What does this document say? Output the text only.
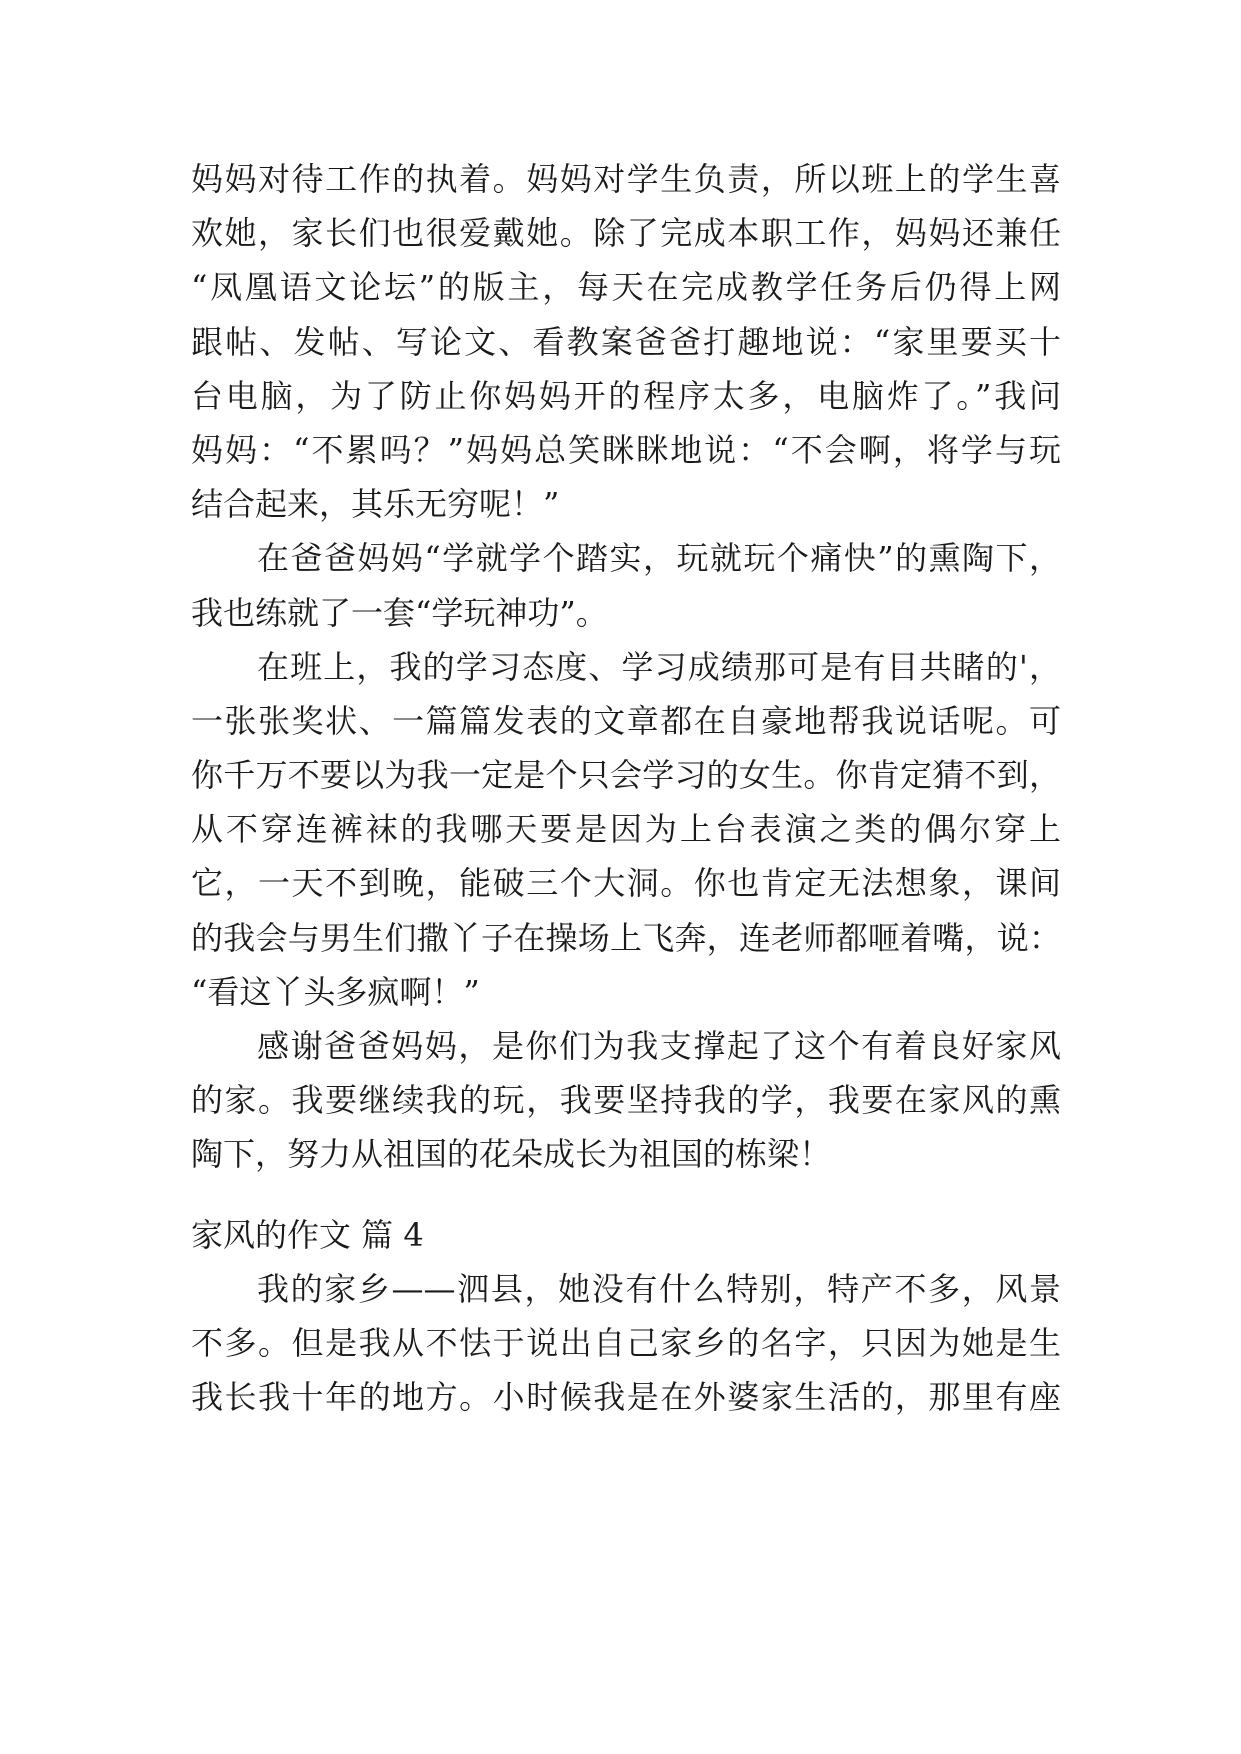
妈妈对待工作的执着。妈妈对学生负责，所以班上的学生喜
欢她，家长们也很爱戴她。除了完成本职工作，妈妈还兼任
“凤凰语文论坛”的版主，每天在完成教学任务后仍得上网
跟帖、发帖、写论文、看教案爸爸打趣地说：“家里要买十
台电脑，为了防止你妈妈开的程序太多，电脑炸了。”我问
妈妈：“不累吗？”妈妈总笑眯眯地说：“不会啊，将学与玩
结合起来，其乐无穷呢！”
在爸爸妈妈“学就学个踏实，玩就玩个痛快”的熏陶下，
我也练就了一套“学玩神功”。
在班上，我的学习态度、学习成绩那可是有目共睹的'，
一张张奖状、一篇篇发表的文章都在自豪地帮我说话呢。可
你千万不要以为我一定是个只会学习的女生。你肯定猜不到，
从不穿连裤袜的我哪天要是因为上台表演之类的偶尔穿上
它，一天不到晚，能破三个大洞。你也肯定无法想象，课间
的我会与男生们撒丫子在操场上飞奔，连老师都咂着嘴，说：
“看这丫头多疯啊！”
感谢爸爸妈妈，是你们为我支撑起了这个有着良好家风
的家。我要继续我的玩，我要坚持我的学，我要在家风的熏
陶下，努力从祖国的花朵成长为祖国的栋梁！
家风的作文 篇 4
我的家乡——泗县，她没有什么特别，特产不多，风景
不多。但是我从不怯于说出自己家乡的名字，只因为她是生
我长我十年的地方。小时候我是在外婆家生活的，那里有座
